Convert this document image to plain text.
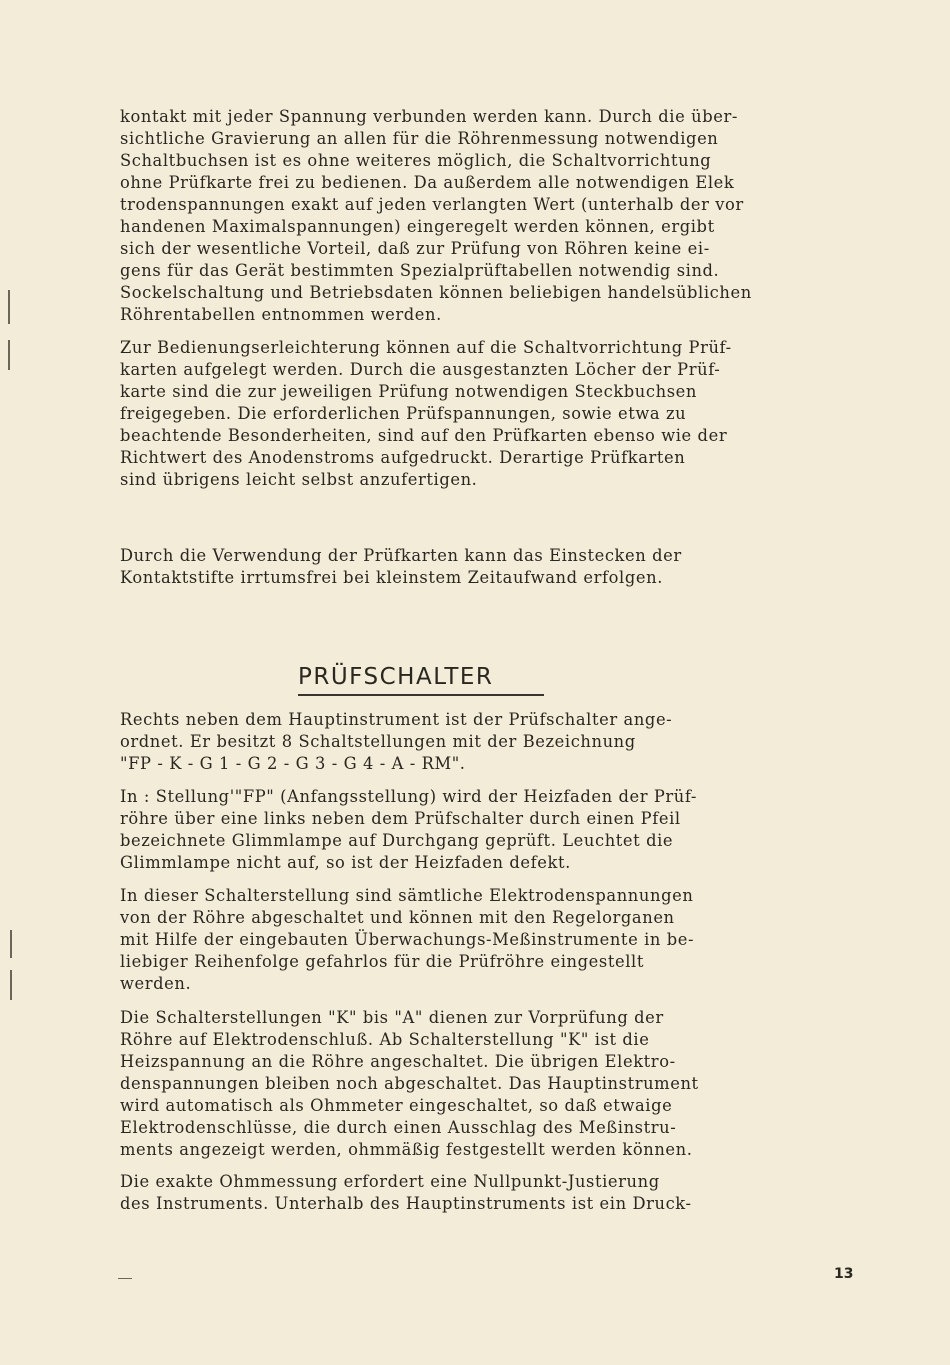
kontakt mit jeder Spannung verbunden werden kann. Durch die über-
sichtliche Gravierung an allen für die Röhrenmessung notwendigen
Schaltbuchsen ist es ohne weiteres möglich, die Schaltvorrichtung
ohne Prüfkarte frei zu bedienen. Da außerdem alle notwendigen Elek
trodenspannungen exakt auf jeden verlangten Wert (unterhalb der vor
handenen Maximalspannungen) eingeregelt werden können, ergibt
sich der wesentliche Vorteil, daß zur Prüfung von Röhren keine ei-
gens für das Gerät bestimmten Spezialprüftabellen notwendig sind.
Sockelschaltung und Betriebsdaten können beliebigen handelsüblichen
Röhrentabellen entnommen werden.
Zur Bedienungserleichterung können auf die Schaltvorrichtung Prüf-
karten aufgelegt werden. Durch die ausgestanzten Löcher der Prüf-
karte sind die zur jeweiligen Prüfung notwendigen Steckbuchsen
freigegeben. Die erforderlichen Prüfspannungen, sowie etwa zu
beachtende Besonderheiten, sind auf den Prüfkarten ebenso wie der
Richtwert des Anodenstroms aufgedruckt. Derartige Prüfkarten
sind übrigens leicht selbst anzufertigen.
Durch die Verwendung der Prüfkarten kann das Einstecken der
Kontaktstifte irrtumsfrei bei kleinstem Zeitaufwand erfolgen.
PRÜFSCHALTER
Rechts neben dem Hauptinstrument ist der Prüfschalter ange-
ordnet. Er besitzt 8 Schaltstellungen mit der Bezeichnung
"FP - K - G 1 - G 2 - G 3 - G 4 - A - RM".
In : Stellung'"FP" (Anfangsstellung) wird der Heizfaden der Prüf-
röhre über eine links neben dem Prüfschalter durch einen Pfeil
bezeichnete Glimmlampe auf Durchgang geprüft. Leuchtet die
Glimmlampe nicht auf, so ist der Heizfaden defekt.
In dieser Schalterstellung sind sämtliche Elektrodenspannungen
von der Röhre abgeschaltet und können mit den Regelorganen
mit Hilfe der eingebauten Überwachungs-Meßinstrumente in be-
liebiger Reihenfolge gefahrlos für die Prüfröhre eingestellt
werden.
Die Schalterstellungen "K" bis "A" dienen zur Vorprüfung der
Röhre auf Elektrodenschluß. Ab Schalterstellung "K" ist die
Heizspannung an die Röhre angeschaltet. Die übrigen Elektro-
denspannungen bleiben noch abgeschaltet. Das Hauptinstrument
wird automatisch als Ohmmeter eingeschaltet, so daß etwaige
Elektrodenschlüsse, die durch einen Ausschlag des Meßinstru-
ments angezeigt werden, ohmmäßig festgestellt werden können.
Die exakte Ohmmessung erfordert eine Nullpunkt-Justierung
des Instruments. Unterhalb des Hauptinstruments ist ein Druck-
13
